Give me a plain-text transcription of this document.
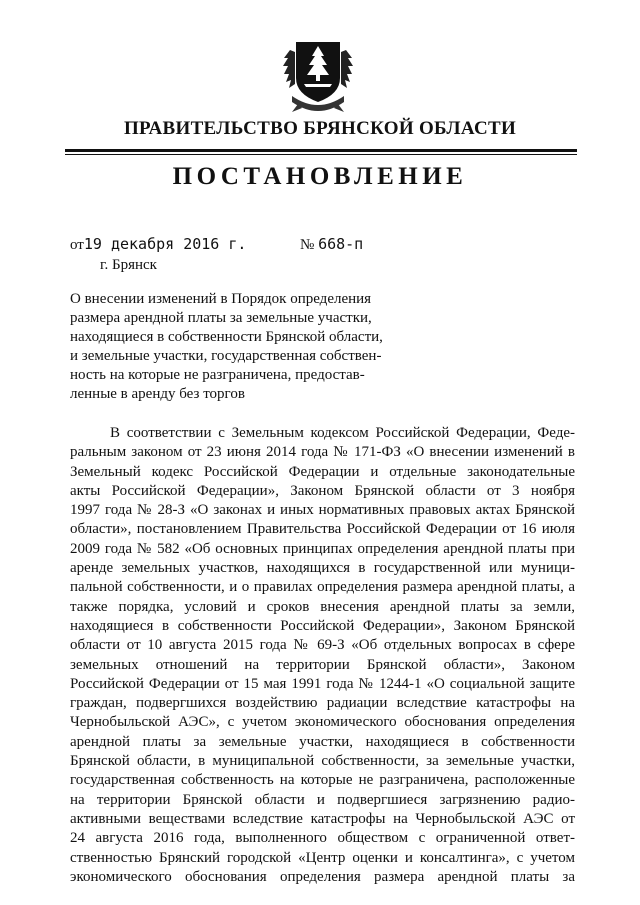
ПРАВИТЕЛЬСТВО БРЯНСКОЙ ОБЛАСТИ
ПОСТАНОВЛЕНИЕ
от19 декабря 2016 г.	№ 668-п
г. Брянск
О внесении изменений в Порядок определения
размера арендной платы за земельные участки,
находящиеся в собственности Брянской области,
и земельные участки, государственная собствен-
ность на которые не разграничена, предостав-
ленные в аренду без торгов
В соответствии с Земельным кодексом Российской Федерации, Феде-
ральным законом от 23 июня 2014 года № 171-ФЗ «О внесении изменений в
Земельный кодекс Российской Федерации и отдельные законодательные
акты Российской Федерации», Законом Брянской области от 3 ноября
1997 года № 28-З «О законах и иных нормативных правовых актах Брянской
области», постановлением Правительства Российской Федерации от 16 июля
2009 года № 582 «Об основных принципах определения арендной платы при
аренде земельных участков, находящихся в государственной или муници-
пальной собственности, и о правилах определения размера арендной платы, а
также порядка, условий и сроков внесения арендной платы за земли,
находящиеся в собственности Российской Федерации», Законом Брянской
области от 10 августа 2015 года № 69-З «Об отдельных вопросах в сфере
земельных отношений на территории Брянской области», Законом
Российской Федерации от 15 мая 1991 года № 1244-1 «О социальной защите
граждан, подвергшихся воздействию радиации вследствие катастрофы на
Чернобыльской АЭС», с учетом экономического обоснования определения
арендной платы за земельные участки, находящиеся в собственности
Брянской области, в муниципальной собственности, за земельные участки,
государственная собственность на которые не разграничена, расположенные
на территории Брянской области и подвергшиеся загрязнению радио-
активными веществами вследствие катастрофы на Чернобыльской АЭС от
24 августа 2016 года, выполненного обществом с ограниченной ответ-
ственностью Брянский городской «Центр оценки и консалтинга», с учетом
экономического обоснования определения размера арендной платы за
